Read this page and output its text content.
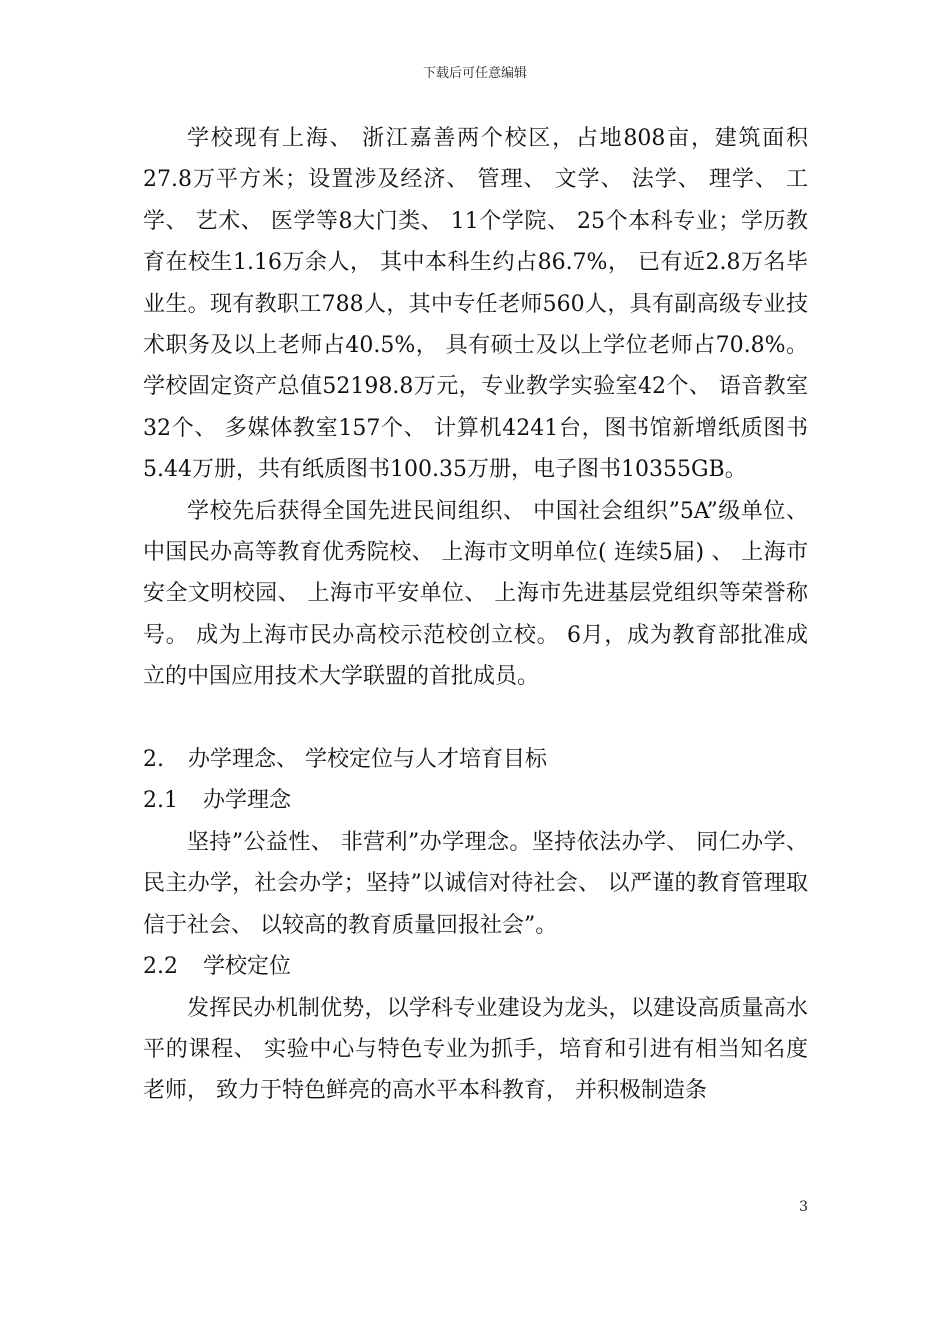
下载后可任意编辑

学校现有上海、 浙江嘉善两个校区，占地808亩，建筑面积27.8万平方米；设置涉及经济、 管理、 文学、 法学、 理学、 工学、 艺术、 医学等8大门类、 11个学院、 25个本科专业；学历教育在校生1.16万余人， 其中本科生约占86.7%， 已有近2.8万名毕业生。现有教职工788人，其中专任老师560人，具有副高级专业技术职务及以上老师占40.5%， 具有硕士及以上学位老师占70.8%。学校固定资产总值52198.8万元，专业教学实验室42个、 语音教室32个、 多媒体教室157个、 计算机4241台，图书馆新增纸质图书5.44万册，共有纸质图书100.35万册，电子图书10355GB。

学校先后获得全国先进民间组织、 中国社会组织”5A”级单位、 中国民办高等教育优秀院校、 上海市文明单位( 连续5届) 、 上海市安全文明校园、 上海市平安单位、 上海市先进基层党组织等荣誉称号。 成为上海市民办高校示范校创立校。 6月，成为教育部批准成立的中国应用技术大学联盟的首批成员。

2. 办学理念、 学校定位与人才培育目标

2.1 办学理念

坚持”公益性、 非营利”办学理念。坚持依法办学、 同仁办学、 民主办学，社会办学；坚持”以诚信对待社会、 以严谨的教育管理取信于社会、 以较高的教育质量回报社会”。

2.2 学校定位

发挥民办机制优势，以学科专业建设为龙头，以建设高质量高水平的课程、 实验中心与特色专业为抓手，培育和引进有相当知名度老师， 致力于特色鲜亮的高水平本科教育， 并积极制造条

3
